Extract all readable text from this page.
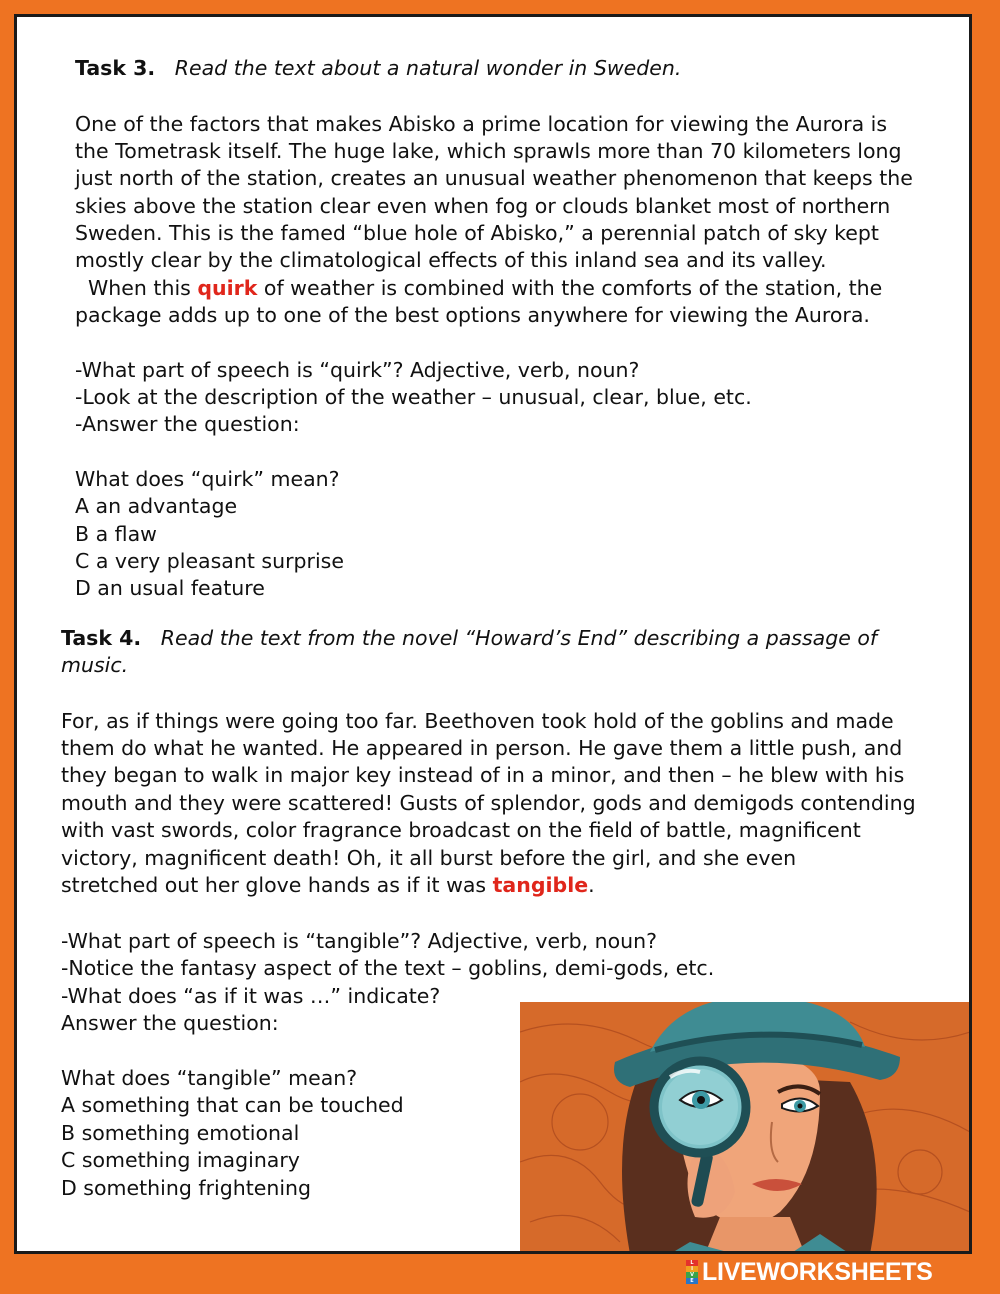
Task 3. Read the text about a natural wonder in Sweden.
One of the factors that makes Abisko a prime location for viewing the Aurora is
the Tometrask itself. The huge lake, which sprawls more than 70 kilometers long
just north of the station, creates an unusual weather phenomenon that keeps the
skies above the station clear even when fog or clouds blanket most of northern
Sweden. This is the famed “blue hole of Abisko,” a perennial patch of sky kept
mostly clear by the climatological effects of this inland sea and its valley.
When this quirk of weather is combined with the comforts of the station, the
package adds up to one of the best options anywhere for viewing the Aurora.
-What part of speech is “quirk”? Adjective, verb, noun?
-Look at the description of the weather – unusual, clear, blue, etc.
-Answer the question:
What does “quirk” mean?
A an advantage
B a flaw
C a very pleasant surprise
D an usual feature
Task 4. Read the text from the novel “Howard’s End” describing a passage of
music.
For, as if things were going too far. Beethoven took hold of the goblins and made
them do what he wanted. He appeared in person. He gave them a little push, and
they began to walk in major key instead of in a minor, and then – he blew with his
mouth and they were scattered! Gusts of splendor, gods and demigods contending
with vast swords, color fragrance broadcast on the field of battle, magnificent
victory, magnificent death! Oh, it all burst before the girl, and she even
stretched out her glove hands as if it was tangible.
-What part of speech is “tangible”? Adjective, verb, noun?
-Notice the fantasy aspect of the text – goblins, demi-gods, etc.
-What does “as if it was …” indicate?
Answer the question:
What does “tangible” mean?
A something that can be touched
B something emotional
C something imaginary
D something frightening
L
I
V
E LIVEWORKSHEETS
